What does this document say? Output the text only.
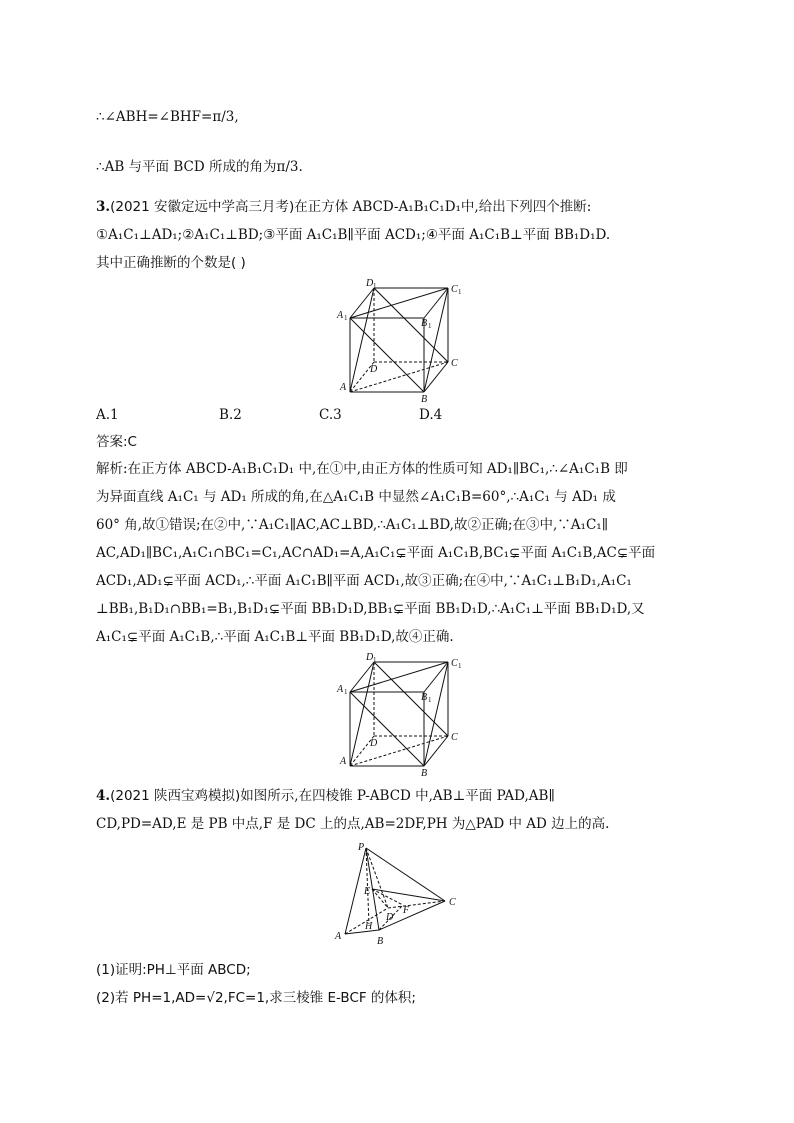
∴∠ABH=∠BHF=π/3,
∴AB 与平面 BCD 所成的角为π/3.
3.(2021 安徽定远中学高三月考)在正方体 ABCD-A₁B₁C₁D₁中,给出下列四个推断:
①A₁C₁⊥AD₁;②A₁C₁⊥BD;③平面 A₁C₁B∥平面 ACD₁;④平面 A₁C₁B⊥平面 BB₁D₁D.
其中正确推断的个数是( )
D 1	C 1
A 1	B 1
C
D
A
B
A.1	B.2	C.3	D.4
答案:C
解析:在正方体 ABCD-A₁B₁C₁D₁ 中,在①中,由正方体的性质可知 AD₁∥BC₁,∴∠A₁C₁B 即
为异面直线 A₁C₁ 与 AD₁ 所成的角,在△A₁C₁B 中显然∠A₁C₁B=60°,∴A₁C₁ 与 AD₁ 成
60° 角,故①错误;在②中,∵A₁C₁∥AC,AC⊥BD,∴A₁C₁⊥BD,故②正确;在③中,∵A₁C₁∥
AC,AD₁∥BC₁,A₁C₁∩BC₁=C₁,AC∩AD₁=A,A₁C₁⊊平面 A₁C₁B,BC₁⊊平面 A₁C₁B,AC⊊平面
ACD₁,AD₁⊊平面 ACD₁,∴平面 A₁C₁B∥平面 ACD₁,故③正确;在④中,∵A₁C₁⊥B₁D₁,A₁C₁
⊥BB₁,B₁D₁∩BB₁=B₁,B₁D₁⊊平面 BB₁D₁D,BB₁⊊平面 BB₁D₁D,∴A₁C₁⊥平面 BB₁D₁D,又
A₁C₁⊊平面 A₁C₁B,∴平面 A₁C₁B⊥平面 BB₁D₁D,故④正确.
D 1	C 1
A 1	B 1
C
D
A
B
4.(2021 陕西宝鸡模拟)如图所示,在四棱锥 P-ABCD 中,AB⊥平面 PAD,AB∥
CD,PD=AD,E 是 PB 中点,F 是 DC 上的点,AB=2DF,PH 为△PAD 中 AD 边上的高.
P
E
D
F
C
A
H
B
(1)证明:PH⊥平面 ABCD;
(2)若 PH=1,AD=√2,FC=1,求三棱锥 E-BCF 的体积;
